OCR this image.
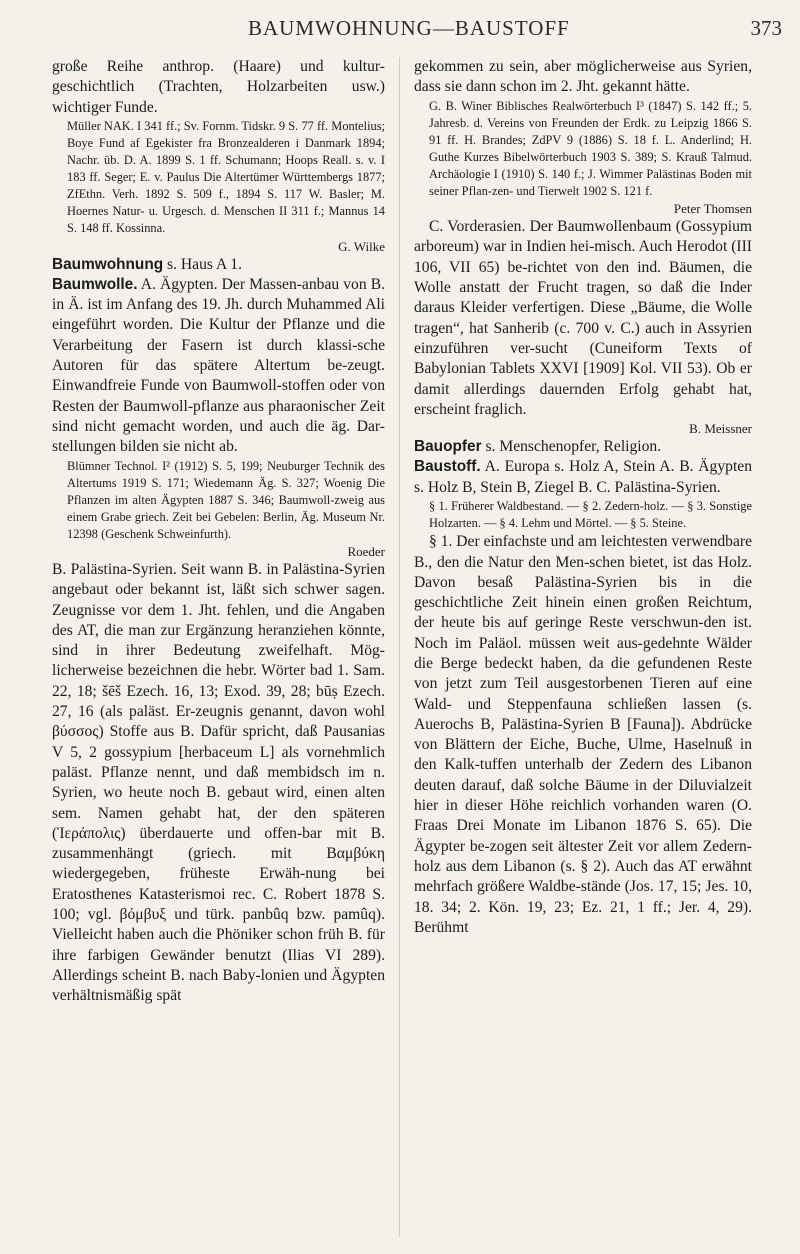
BAUMWOHNUNG—BAUSTOFF	373

große Reihe anthrop. (Haare) und kultur-geschichtlich (Trachten, Holzarbeiten usw.) wichtiger Funde.

Müller NAK. I 341 ff.; Sv. Fornm. Tidskr. 9 S. 77 ff. Montelius; Boye Fund af Egekister fra Bronzealderen i Danmark 1894; Nachr. üb. D. A. 1899 S. 1 ff. Schumann; Hoops Reall. s. v. I 183 ff. Seger; E. v. Paulus Die Altertümer Württembergs 1877; ZfEthn. Verh. 1892 S. 509 f., 1894 S. 117 W. Basler; M. Hoernes Natur- u. Urgesch. d. Menschen II 311 f.; Mannus 14 S. 148 ff. Kossinna.

G. Wilke

Baumwohnung s. Haus A 1.

Baumwolle. A. Ägypten. Der Massen-anbau von B. in Ä. ist im Anfang des 19. Jh. durch Muhammed Ali eingeführt worden. Die Kultur der Pflanze und die Verarbeitung der Fasern ist durch klassi-sche Autoren für das spätere Altertum be-zeugt. Einwandfreie Funde von Baumwoll-stoffen oder von Resten der Baumwoll-pflanze aus pharaonischer Zeit sind nicht gemacht worden, und auch die äg. Dar-stellungen bilden sie nicht ab.

Blümner Technol. I² (1912) S. 5, 199; Neuburger Technik des Altertums 1919 S. 171; Wiedemann Äg. S. 327; Woenig Die Pflanzen im alten Ägypten 1887 S. 346; Baumwoll-zweig aus einem Grabe griech. Zeit bei Gebelen: Berlin, Äg. Museum Nr. 12398 (Geschenk Schweinfurth).

Roeder

B. Palästina-Syrien. Seit wann B. in Palästina-Syrien angebaut oder bekannt ist, läßt sich schwer sagen. Zeugnisse vor dem 1. Jht. fehlen, und die Angaben des AT, die man zur Ergänzung heranziehen könnte, sind in ihrer Bedeutung zweifelhaft. Mög-licherweise bezeichnen die hebr. Wörter bad 1. Sam. 22, 18; šēš Ezech. 16, 13; Exod. 39, 28; būṣ Ezech. 27, 16 (als paläst. Er-zeugnis genannt, davon wohl βύσσος) Stoffe aus B. Dafür spricht, daß Pausanias V 5, 2 gossypium [herbaceum L] als vornehmlich paläst. Pflanze nennt, und daß membidsch im n. Syrien, wo heute noch B. gebaut wird, einen alten sem. Namen gehabt hat, der den späteren (Ἱεράπολις) überdauerte und offen-bar mit B. zusammenhängt (griech. mit Βαμβύκη wiedergegeben, früheste Erwäh-nung bei Eratosthenes Katasterismoi rec. C. Robert 1878 S. 100; vgl. βόμβυξ und türk. panbûq bzw. pamûq). Vielleicht haben auch die Phöniker schon früh B. für ihre farbigen Gewänder benutzt (Ilias VI 289). Allerdings scheint B. nach Baby-lonien und Ägypten verhältnismäßig spät

gekommen zu sein, aber möglicherweise aus Syrien, dass sie dann schon im 2. Jht. gekannt hätte.

G. B. Winer Biblisches Realwörterbuch I³ (1847) S. 142 ff.; 5. Jahresb. d. Vereins von Freunden der Erdk. zu Leipzig 1866 S. 91 ff. H. Brandes; ZdPV 9 (1886) S. 18 f. L. Anderlind; H. Guthe Kurzes Bibelwörterbuch 1903 S. 389; S. Krauß Talmud. Archäologie I (1910) S. 140 f.; J. Wimmer Palästinas Boden mit seiner Pflan-zen- und Tierwelt 1902 S. 121 f.

Peter Thomsen

C. Vorderasien. Der Baumwollenbaum (Gossypium arboreum) war in Indien hei-misch. Auch Herodot (III 106, VII 65) be-richtet von den ind. Bäumen, die Wolle anstatt der Frucht tragen, so daß die Inder daraus Kleider verfertigen. Diese „Bäume, die Wolle tragen“, hat Sanherib (c. 700 v. C.) auch in Assyrien einzuführen ver-sucht (Cuneiform Texts of Babylonian Tablets XXVI [1909] Kol. VII 53). Ob er damit allerdings dauernden Erfolg gehabt hat, erscheint fraglich.

B. Meissner

Bauopfer s. Menschenopfer, Religion.

Baustoff. A. Europa s. Holz A, Stein A. B. Ägypten s. Holz B, Stein B, Ziegel B. C. Palästina-Syrien.

§ 1. Früherer Waldbestand. — § 2. Zedern-holz. — § 3. Sonstige Holzarten. — § 4. Lehm und Mörtel. — § 5. Steine.

§ 1. Der einfachste und am leichtesten verwendbare B., den die Natur den Men-schen bietet, ist das Holz. Davon besaß Palästina-Syrien bis in die geschichtliche Zeit hinein einen großen Reichtum, der heute bis auf geringe Reste verschwun-den ist. Noch im Paläol. müssen weit aus-gedehnte Wälder die Berge bedeckt haben, da die gefundenen Reste von jetzt zum Teil ausgestorbenen Tieren auf eine Wald- und Steppenfauna schließen lassen (s. Auerochs B, Palästina-Syrien B [Fauna]). Abdrücke von Blättern der Eiche, Buche, Ulme, Haselnuß in den Kalk-tuffen unterhalb der Zedern des Libanon deuten darauf, daß solche Bäume in der Diluvialzeit hier in dieser Höhe reichlich vorhanden waren (O. Fraas Drei Monate im Libanon 1876 S. 65). Die Ägypter be-zogen seit ältester Zeit vor allem Zedern-holz aus dem Libanon (s. § 2). Auch das AT erwähnt mehrfach größere Waldbe-stände (Jos. 17, 15; Jes. 10, 18. 34; 2. Kön. 19, 23; Ez. 21, 1 ff.; Jer. 4, 29). Berühmt
